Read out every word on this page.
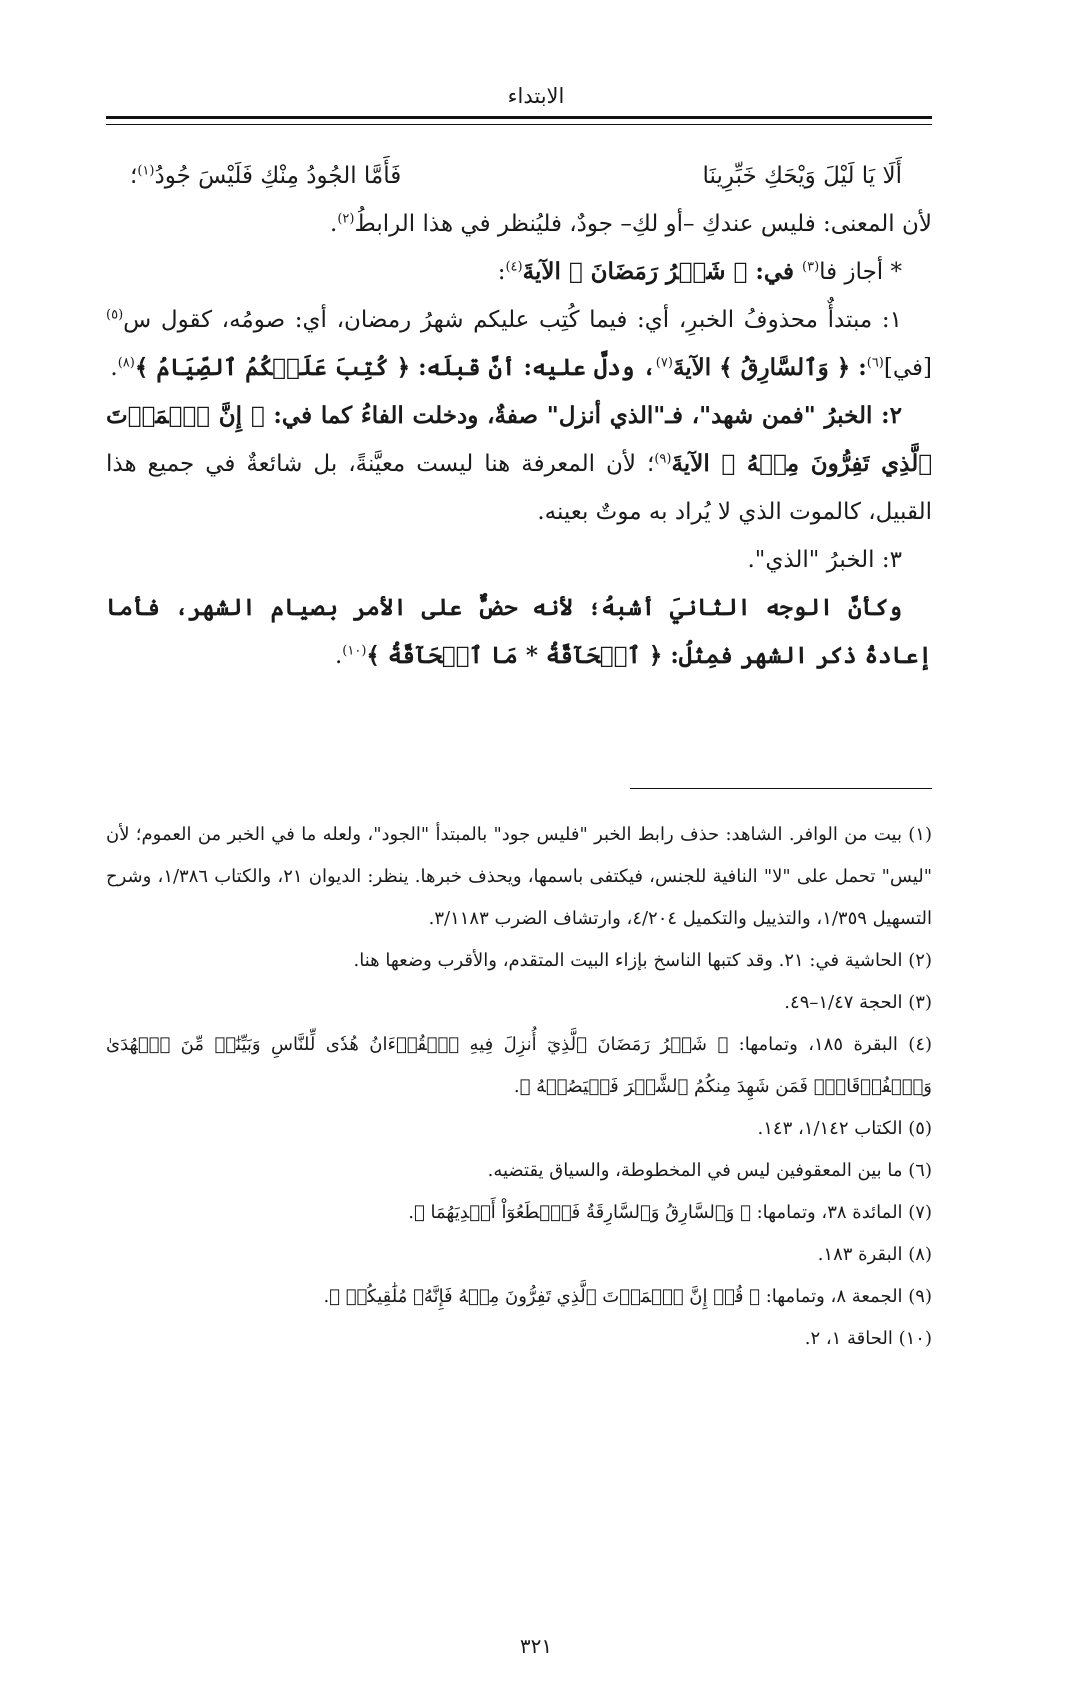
الابتداء
أَلَا يَا لَيْلَ وَيْحَكِ خَبِّرِينَا
فَأَمَّا الجُودُ مِنْكِ فَلَيْسَ جُودُ$^{(١)}$؛

لأن المعنى: فليس عندكِ –أو لكِ– جودٌ، فليُنظر في هذا الرابطُ$^{(٢)}$.

* أجاز فا$^{(٣)}$ في: ﴿ شَهۡرُ رَمَضَانَ ﴾ الآيةَ$^{(٤)}$:

١: مبتدأٌ محذوفُ الخبرِ، أي: فيما كُتِب عليكم شهرُ رمضان، أي: صومُه، كقول س$^{(٥)}$ [في]$^{(٦)}$: ﴿ وَٱلسَّارِقُ ﴾ الآيةَ$^{(٧)}$، ودلَّ عليه: أنَّ قبلَه: ﴿ كُتِبَ عَلَيۡكُمُ ٱلصِّيَامُ ﴾$^{(٨)}$.

٢: الخبرُ "فمن شهد"، فـ"الذي أنزل" صفةٌ، ودخلت الفاءُ كما في: ﴿ إِنَّ ٱلۡمَوۡتَ ٱلَّذِي تَفِرُّونَ مِنۡهُ ﴾ الآيةَ$^{(٩)}$؛ لأن المعرفة هنا ليست معيَّنةً، بل شائعةٌ في جميع هذا القبيل، كالموت الذي لا يُراد به موتٌ بعينه.

٣: الخبرُ "الذي".

وكأنَّ الوجه الثانيَ أشبهُ؛ لأنه حضٌّ على الأمر بصيام الشهر، فأما إعادةُ ذكر الشهر فمِثلُ: ﴿ ٱلۡحَآقَّةُ * مَا ٱلۡحَآقَّةُ ﴾$^{(١٠)}$.

(١) بيت من الوافر. الشاهد: حذف رابط الخبر "فليس جود" بالمبتدأ "الجود"، ولعله ما في الخبر من العموم؛ لأن "ليس" تحمل على "لا" النافية للجنس، فيكتفى باسمها، ويحذف خبرها. ينظر: الديوان ٢١، والكتاب ١/٣٨٦، وشرح التسهيل ١/٣٥٩، والتذييل والتكميل ٤/٢٠٤، وارتشاف الضرب ٣/١١٨٣.

(٢) الحاشية في: ٢١. وقد كتبها الناسخ بإزاء البيت المتقدم، والأقرب وضعها هنا.

(٣) الحجة ١/٤٧–٤٩.

(٤) البقرة ١٨٥، وتمامها: ﴿ شَهۡرُ رَمَضَانَ ٱلَّذِيٓ أُنزِلَ فِيهِ ٱلۡقُرۡءَانُ هُدٗى لِّلنَّاسِ وَبَيِّنَٰتٖ مِّنَ ٱلۡهُدَىٰ وَٱلۡفُرۡقَانِۚ فَمَن شَهِدَ مِنكُمُ ٱلشَّهۡرَ فَلۡيَصُمۡهُ ﴾.

(٥) الكتاب ١/١٤٢، ١٤٣.

(٦) ما بين المعقوفين ليس في المخطوطة، والسياق يقتضيه.

(٧) المائدة ٣٨، وتمامها: ﴿ وَٱلسَّارِقُ وَٱلسَّارِقَةُ فَٱقۡطَعُوٓاْ أَيۡدِيَهُمَا ﴾.

(٨) البقرة ١٨٣.

(٩) الجمعة ٨، وتمامها: ﴿ قُلۡ إِنَّ ٱلۡمَوۡتَ ٱلَّذِي تَفِرُّونَ مِنۡهُ فَإِنَّهُۥ مُلَٰقِيكُمۡ ﴾.

(١٠) الحاقة ١، ٢.

٣٢١
